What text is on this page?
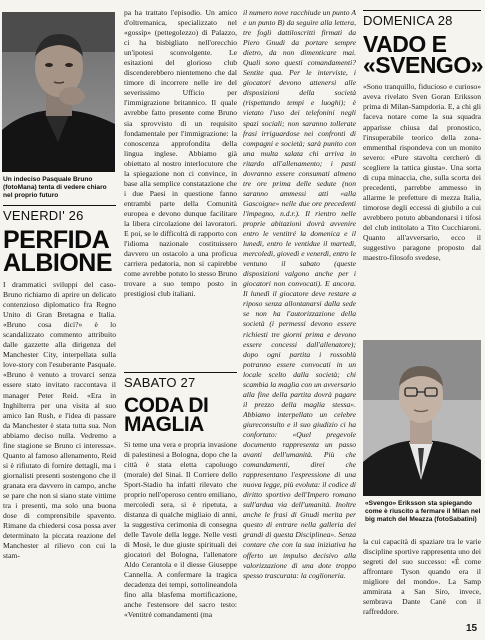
Un indeciso Pasquale Bruno (fotoMana) tenta di vedere chiaro nel proprio futuro
VENERDI' 26
PERFIDA
ALBIONE
I drammatici sviluppi del caso-Bruno richiamo di aprire un delicato contenzioso diplomatico fra Regno Unito di Gran Bretagna e Italia. «Bruno cosa dici?» è lo scandalizzato commento attribuito dalle gazzette alla dirigenza del Manchester City, interpellata sulla love-story con l'esuberante Pasquale. «Bruno è venuto a trovarci senza essere stato invitato raccontava il manager Peter Reid. «Era in Inghilterra per una visita al suo amico Ian Rush, e l'idea di passare da Manchester è stata tutta sua. Non abbiamo deciso nulla. Vedremo a fine stagione se Bruno ci interessa». Quanto al famoso allenamento, Reid si è rifiutato di fornire dettagli, ma i giornalisti presenti sostengono che il granata era davvero in campo, anche se pare che non si siano state vittime tra i presenti, ma solo una buona dose di comprensibile spavento. Rimane da chiedersi cosa possa aver determinato la piccata reazione del Manchester al rilievo con cui la stam-
pa ha trattato l'episodio. Un amico d'oltremanica, specializzato nel «gossip» (pettegolezzo) di Palazzo, ci ha bisbigliato nell'orecchio un'ipotesi sconvolgente. Le esitazioni del glorioso club discenderebbero nientemeno che dal timore di incorrere nelle ire del severissimo Ufficio per l'immigrazione britannico. Il quale avrebbe fatto presente come Bruno sia sprovvisto di un requisito fondamentale per l'immigrazione: la conoscenza approfondita della lingua inglese. Abbiamo già obiettato al nostro interlocutore che la spiegazione non ci convince, in base alla semplice constatazione che i due Paesi in questione fanno entrambi parte della Comunità europea e devono dunque facilitare la libera circolazione dei lavoratori. E poi, se le difficoltà di rapporto con l'idioma nazionale costituissero davvero un ostacolo a una proficua carriera pedatoria, non si capirebbe come avrebbe potuto lo stesso Bruno trovare a suo tempo posto in prestigiosi club italiani.
SABATO 27
CODA DI
MAGLIA
Si teme una vera e propria invasione di palestinesi a Bologna, dopo che la città è stata eletta capoluogo (morale) del Sinai. Il Corriere dello Sport-Stadio ha infatti rilevato che proprio nell'operoso centro emiliano, mercoledì sera, si è ripetuta, a distanza di qualche migliaio di anni, la suggestiva cerimonia di consegna delle Tavole della legge. Nelle vesti di Mosè, le due giuste spirituali dei giocatori del Bologna, l'allenatore Aldo Cerantola e il diesse Giuseppe Cannella. A confermare la tragica decadenza dei tempi, sottolineandola fino alla blasfema mortificazione, anche l'estensore del sacro testo: «Ventitré comandamenti (ma
il numero nove racchiude un punto A e un punto B) da seguire alla lettera, tre fogli dattiloscritti firmati da Piero Gnudi da portare sempre dietro, da non dimenticare mai. Quali sono questi comandamenti? Sentite qua. Per le interviste, i giocatori devono attenersi alle disposizioni della società (rispettando tempi e luoghi); è vietato l'uso dei telefonini negli spazi sociali; non saranno tollerate frasi irriguardose nei confronti di compagni e società; sarà punito con una multa salata chi arriva in ritardo all'allenamento; i pasti dovranno essere consumati almeno tre ore prima delle sedute (non saranno ammessi atti «alla Gascoigne» nelle due ore precedenti l'impegno, n.d.r.). Il rientro nelle proprie abitazioni dovrà avvenire entro le ventitré la domenica e il lunedì, entro le ventidue il martedì, mercoledì, giovedì e venerdì, entro le ventuno il sabato (queste disposizioni valgono anche per i giocatori non convocati). E ancora. Il lunedì il giocatore deve restare a riposo senza allontanarsi dalla sede se non ha l'autorizzazione della società (i permessi devono essere richiesti tre giorni prima e devono essere concessi dall'allenatore); dopo ogni partita i rossoblù potranno essere convocati in un locale scelto dalla società; chi scambia la maglia con un avversario alla fine della partita dovrà pagare il prezzo della maglia stessa». Abbiamo interpellato un celebre giureconsulto e il suo giudizio ci ha confortato: «Quel pregevole documento rappresenta un passo avanti dell'umanità. Più che comandamenti, direi che rappresentano l'espressione di una nuova legge, più evoluta: il codice di diritto sportivo dell'Impero romano sull'ardua via dell'umanità. Inoltre anche le frasi di Gnudi merita per questo di entrare nella galleria dei grandi di questa Disciplinea». Senza contare che con la sua iniziativa ha offerto un impulso decisivo alla valorizzazione di una dote troppo spesso trascurata: la coglioneria.
DOMENICA 28
VADO E
«SVENGO»
«Sono tranquillo, fiducioso e curioso» aveva rivelato Sven Goran Eriksson prima di Milan-Sampdoria. E, a chi gli faceva notare come la sua squadra apparisse chiusa dal pronostico, l'insuperabile teorico della zona-emmenthal rispondeva con un monito severo: «Pure stavolta cercherò di scegliere la tattica giusta». Una sorta di cupa minaccia, che, sulla scorta dei precedenti, parrebbe ammesso in allarme le prefetture di mezza Italia, timorose degli eccessi di giubilo a cui avrebbero potuto abbandonarsi i tifosi del club intitolato a Tito Cucchiaroni. Quanto all'avversario, ecco il suggestivo paragone proposto dal maestro-filosofo svedese,
«Svengo» Eriksson sta spiegando come è riuscito a fermare il Milan nel big match del Meazza (fotoSabatini)
la cui capacità di spaziare tra le varie discipline sportive rappresenta uno dei segreti del suo successo: «È come affrontare Tyson quando era il migliore del mondo». La Samp ammirata a San Siro, invece, sembrava Dante Canè con il raffreddore.
15
